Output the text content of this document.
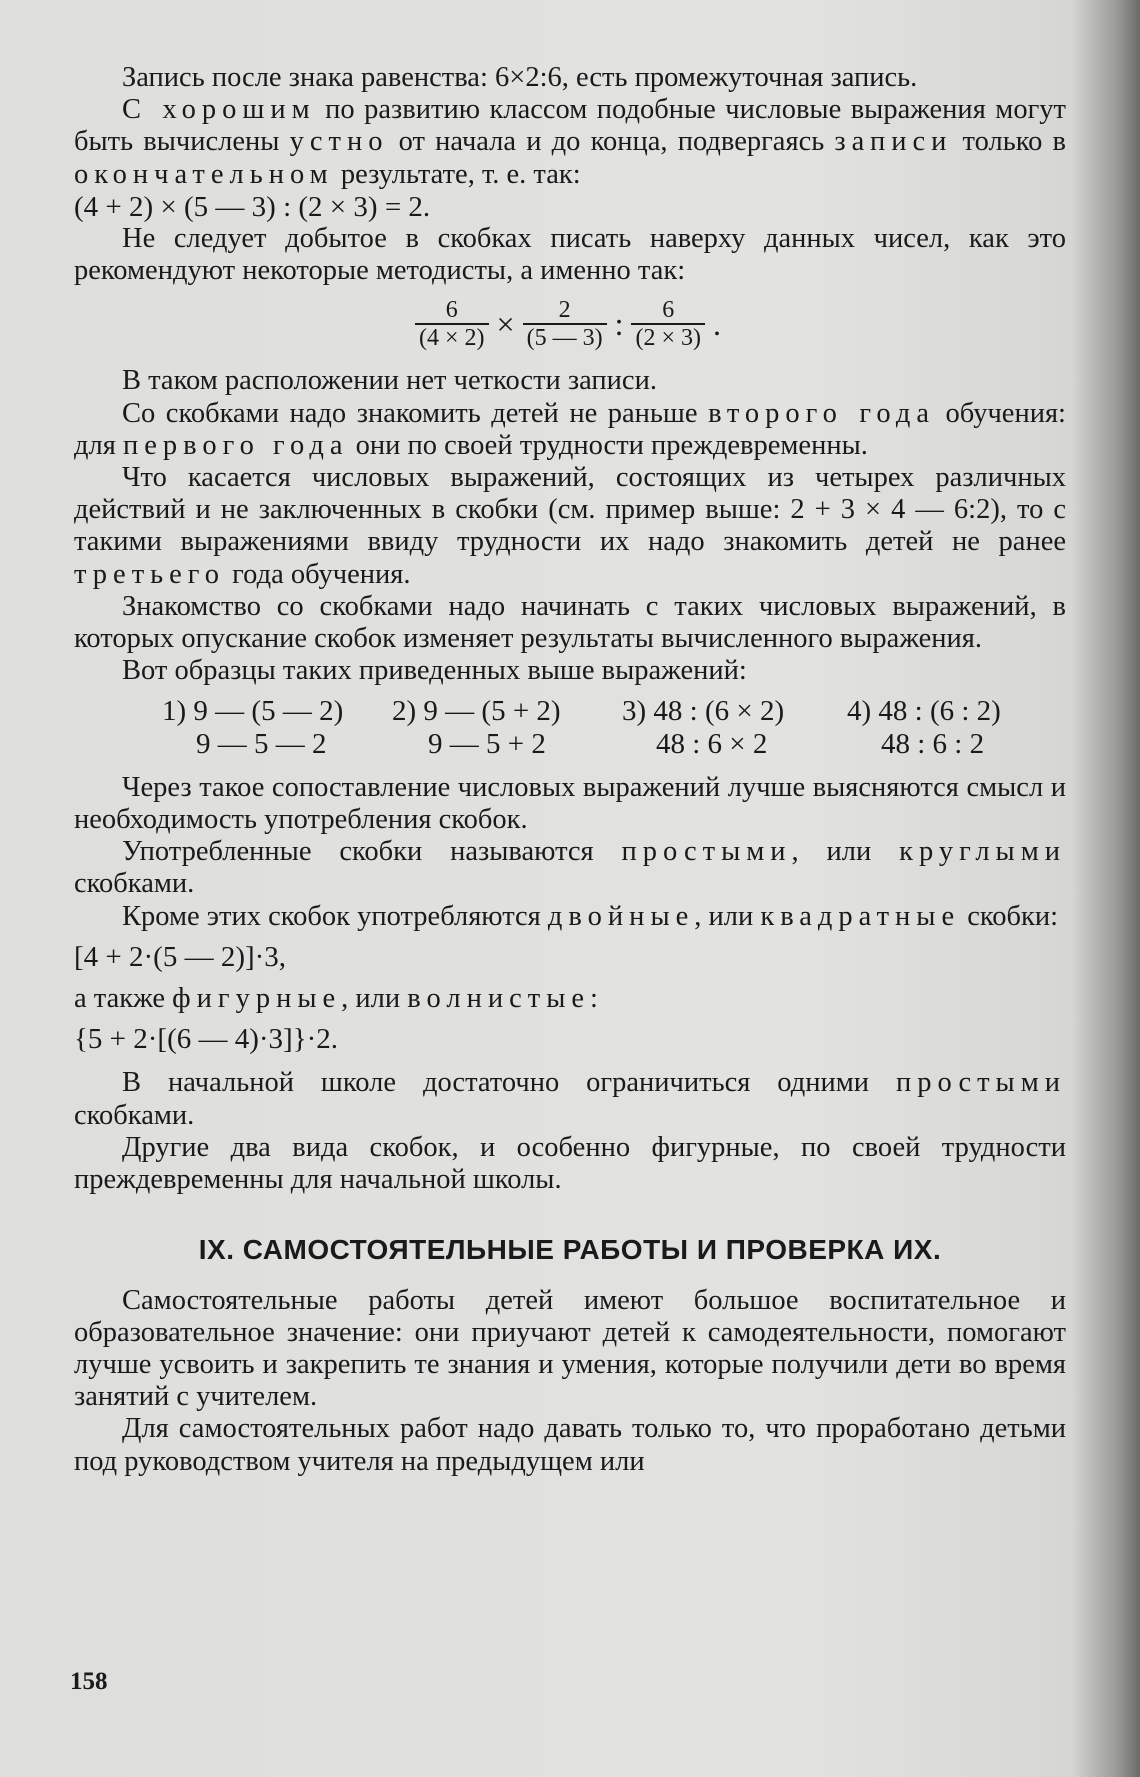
Запись после знака равенства: 6×2:6, есть промежуточная запись.

С хорошим по развитию классом подобные числовые выражения могут быть вычислены устно от начала и до конца, подвергаясь записи только в окончательном результате, т. е. так:

(4 + 2) × (5 — 3) : (2 × 3) = 2.

Не следует добытое в скобках писать наверху данных чисел, как это рекомендуют некоторые методисты, а именно так:

$\frac{6}{(4 \times 2)} \times \frac{2}{(5 — 3)}$ : $\frac{6}{(2 \times 3)}$ .

В таком расположении нет четкости записи.

Со скобками надо знакомить детей не раньше второго года обучения: для первого года они по своей трудности преждевременны.

Что касается числовых выражений, состоящих из четырех различных действий и не заключенных в скобки (см. пример выше: 2 + 3 × 4 — 6:2), то с такими выражениями ввиду трудности их надо знакомить детей не ранее третьего года обучения.

Знакомство со скобками надо начинать с таких числовых выражений, в которых опускание скобок изменяет результаты вычисленного выражения.

Вот образцы таких приведенных выше выражений:

1) 9 — (5 — 2)	2) 9 — (5 + 2)	3) 48 : (6 × 2)	4) 48 : (6 : 2)
9 — 5 — 2	9 — 5 + 2	48 : 6 × 2	48 : 6 : 2

Через такое сопоставление числовых выражений лучше выясняются смысл и необходимость употребления скобок.

Употребленные скобки называются простыми, или круглыми скобками.

Кроме этих скобок употребляются двойные, или квадратные скобки:

[4 + 2·(5 — 2)]·3,

а также фигурные, или волнистые:

{5 + 2·[(6 — 4)·3]}·2.

В начальной школе достаточно ограничиться одними простыми скобками.

Другие два вида скобок, и особенно фигурные, по своей трудности преждевременны для начальной школы.

IX. САМОСТОЯТЕЛЬНЫЕ РАБОТЫ И ПРОВЕРКА ИХ.

Самостоятельные работы детей имеют большое воспитательное и образовательное значение: они приучают детей к самодеятельности, помогают лучше усвоить и закрепить те знания и умения, которые получили дети во время занятий с учителем.

Для самостоятельных работ надо давать только то, что проработано детьми под руководством учителя на предыдущем или

158
